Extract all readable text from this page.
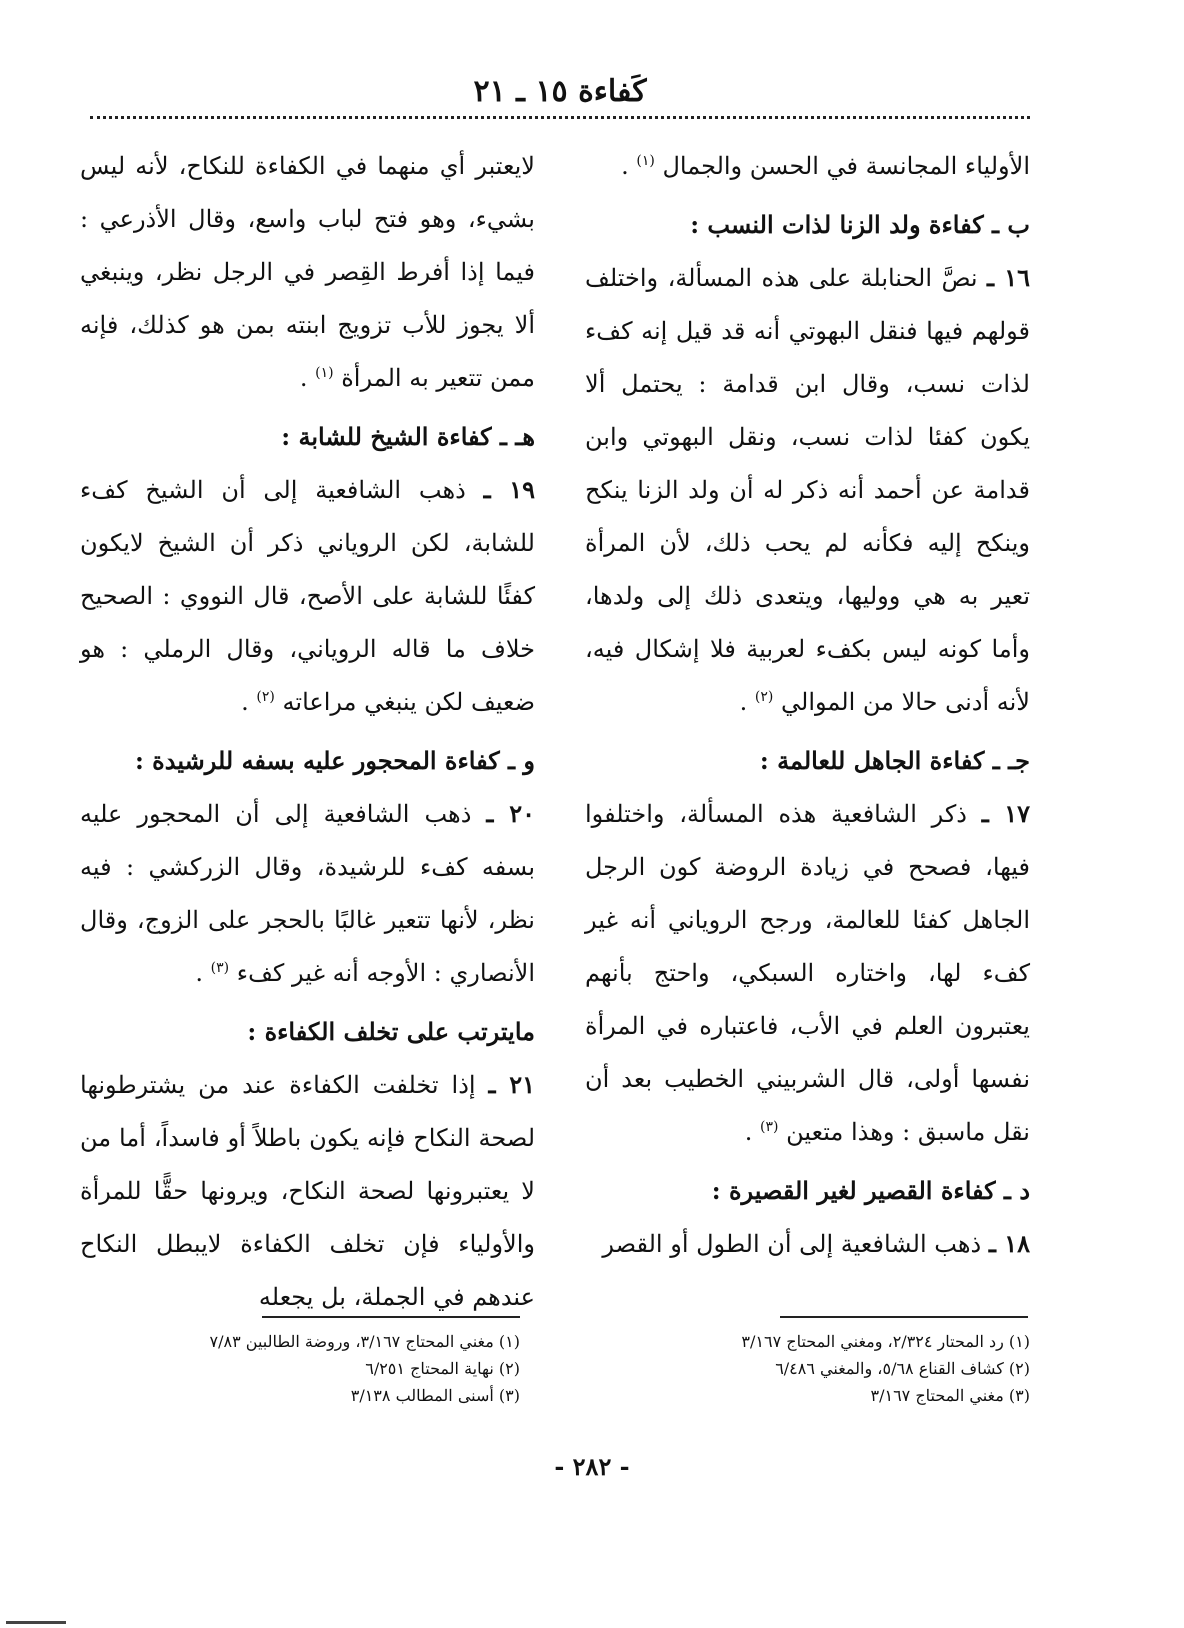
كَفاءة ١٥ ـ ٢١

الأولياء المجانسة في الحسن والجمال $^{(١)}$ .

ب ـ كفاءة ولد الزنا لذات النسب :

١٦ ـ نصَّ الحنابلة على هذه المسألة، واختلف قولهم فيها فنقل البهوتي أنه قد قيل إنه كفء لذات نسب، وقال ابن قدامة : يحتمل ألا يكون كفئا لذات نسب، ونقل البهوتي وابن قدامة عن أحمد أنه ذكر له أن ولد الزنا ينكح وينكح إليه فكأنه لم يحب ذلك، لأن المرأة تعير به هي ووليها، ويتعدى ذلك إلى ولدها، وأما كونه ليس بكفء لعربية فلا إشكال فيه، لأنه أدنى حالا من الموالي $^{(٢)}$ .

جـ ـ كفاءة الجاهل للعالمة :

١٧ ـ ذكر الشافعية هذه المسألة، واختلفوا فيها، فصحح في زيادة الروضة كون الرجل الجاهل كفئا للعالمة، ورجح الروياني أنه غير كفء لها، واختاره السبكي، واحتج بأنهم يعتبرون العلم في الأب، فاعتباره في المرأة نفسها أولى، قال الشربيني الخطيب بعد أن نقل ماسبق : وهذا متعين $^{(٣)}$ .

د ـ كفاءة القصير لغير القصيرة :

١٨ ـ ذهب الشافعية إلى أن الطول أو القصر

لايعتبر أي منهما في الكفاءة للنكاح، لأنه ليس بشيء، وهو فتح لباب واسع، وقال الأذرعي : فيما إذا أفرط القِصر في الرجل نظر، وينبغي ألا يجوز للأب تزويج ابنته بمن هو كذلك، فإنه ممن تتعير به المرأة $^{(١)}$ .

هـ ـ كفاءة الشيخ للشابة :

١٩ ـ ذهب الشافعية إلى أن الشيخ كفء للشابة، لكن الروياني ذكر أن الشيخ لايكون كفئًا للشابة على الأصح، قال النووي : الصحيح خلاف ما قاله الروياني، وقال الرملي : هو ضعيف لكن ينبغي مراعاته $^{(٢)}$ .

و ـ كفاءة المحجور عليه بسفه للرشيدة :

٢٠ ـ ذهب الشافعية إلى أن المحجور عليه بسفه كفء للرشيدة، وقال الزركشي : فيه نظر، لأنها تتعير غالبًا بالحجر على الزوج، وقال الأنصاري : الأوجه أنه غير كفء $^{(٣)}$ .

مايترتب على تخلف الكفاءة :

٢١ ـ إذا تخلفت الكفاءة عند من يشترطونها لصحة النكاح فإنه يكون باطلاً أو فاسداً، أما من لا يعتبرونها لصحة النكاح، ويرونها حقًّا للمرأة والأولياء فإن تخلف الكفاءة لايبطل النكاح عندهم في الجملة، بل يجعله

(١) رد المحتار ٢/٣٢٤، ومغني المحتاج ٣/١٦٧
(٢) كشاف القناع ٥/٦٨، والمغني ٦/٤٨٦
(٣) مغني المحتاج ٣/١٦٧
(١) مغني المحتاج ٣/١٦٧، وروضة الطالبين ٧/٨٣
(٢) نهاية المحتاج ٦/٢٥١
(٣) أسنى المطالب ٣/١٣٨
- ٢٨٢ -
